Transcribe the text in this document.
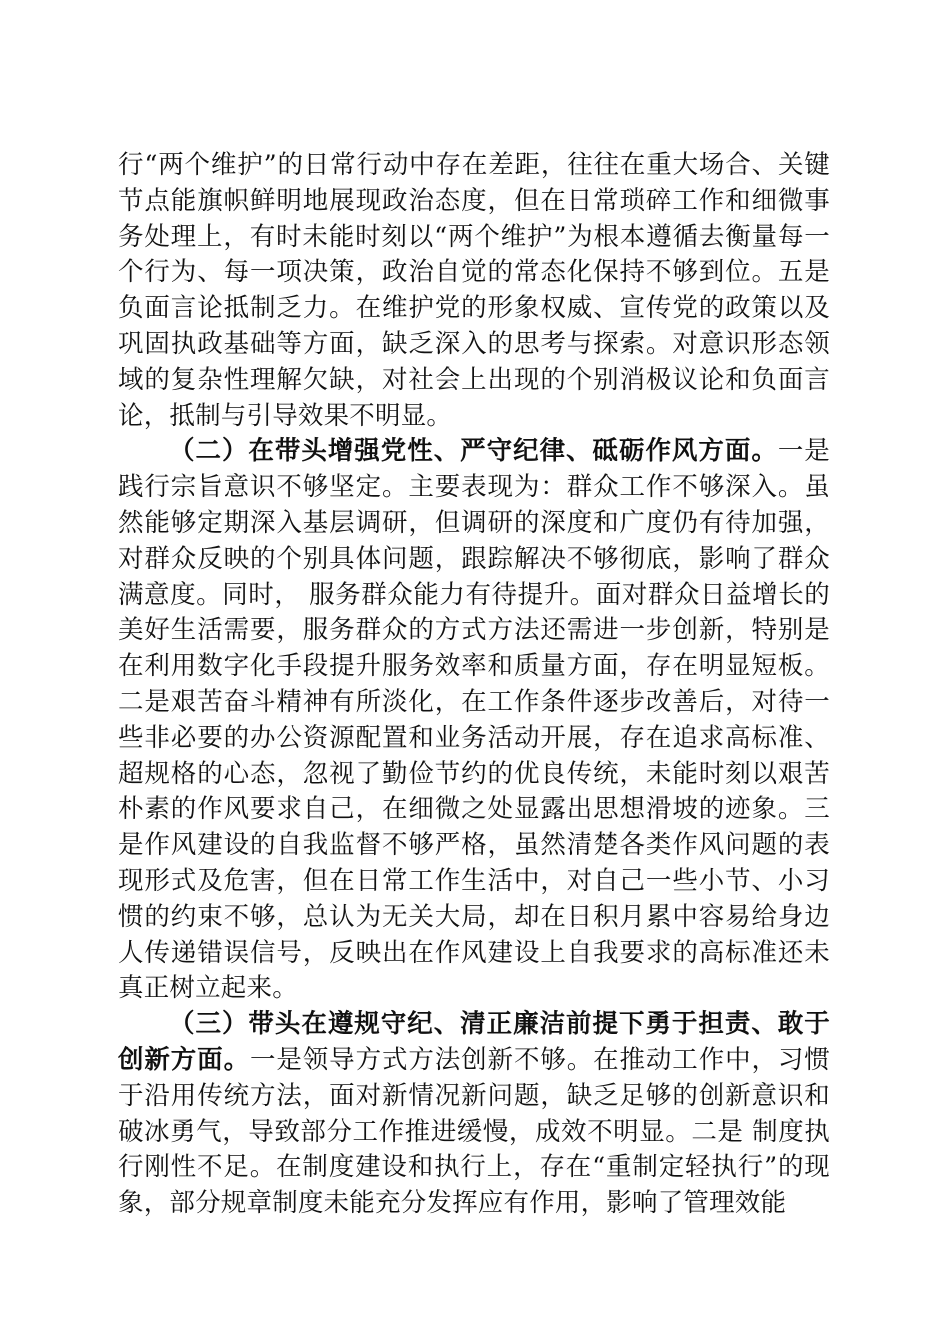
行“两个维护”的日常行动中存在差距，往往在重大场合、关键节点能旗帜鲜明地展现政治态度，但在日常琐碎工作和细微事务处理上，有时未能时刻以“两个维护”为根本遵循去衡量每一个行为、每一项决策，政治自觉的常态化保持不够到位。五是负面言论抵制乏力。在维护党的形象权威、宣传党的政策以及巩固执政基础等方面，缺乏深入的思考与探索。对意识形态领域的复杂性理解欠缺，对社会上出现的个别消极议论和负面言论，抵制与引导效果不明显。

（二）在带头增强党性、严守纪律、砥砺作风方面。一是践行宗旨意识不够坚定。主要表现为：群众工作不够深入。虽然能够定期深入基层调研，但调研的深度和广度仍有待加强，对群众反映的个别具体问题，跟踪解决不够彻底，影响了群众满意度。同时， 服务群众能力有待提升。面对群众日益增长的美好生活需要，服务群众的方式方法还需进一步创新，特别是在利用数字化手段提升服务效率和质量方面，存在明显短板。二是艰苦奋斗精神有所淡化，在工作条件逐步改善后，对待一些非必要的办公资源配置和业务活动开展，存在追求高标准、超规格的心态，忽视了勤俭节约的优良传统，未能时刻以艰苦朴素的作风要求自己，在细微之处显露出思想滑坡的迹象。三是作风建设的自我监督不够严格，虽然清楚各类作风问题的表现形式及危害，但在日常工作生活中，对自己一些小节、小习惯的约束不够，总认为无关大局，却在日积月累中容易给身边人传递错误信号，反映出在作风建设上自我要求的高标准还未真正树立起来。

（三）带头在遵规守纪、清正廉洁前提下勇于担责、敢于创新方面。一是领导方式方法创新不够。在推动工作中，习惯于沿用传统方法，面对新情况新问题，缺乏足够的创新意识和破冰勇气，导致部分工作推进缓慢，成效不明显。二是 制度执行刚性不足。在制度建设和执行上，存在“重制定轻执行”的现象，部分规章制度未能充分发挥应有作用，影响了管理效能
